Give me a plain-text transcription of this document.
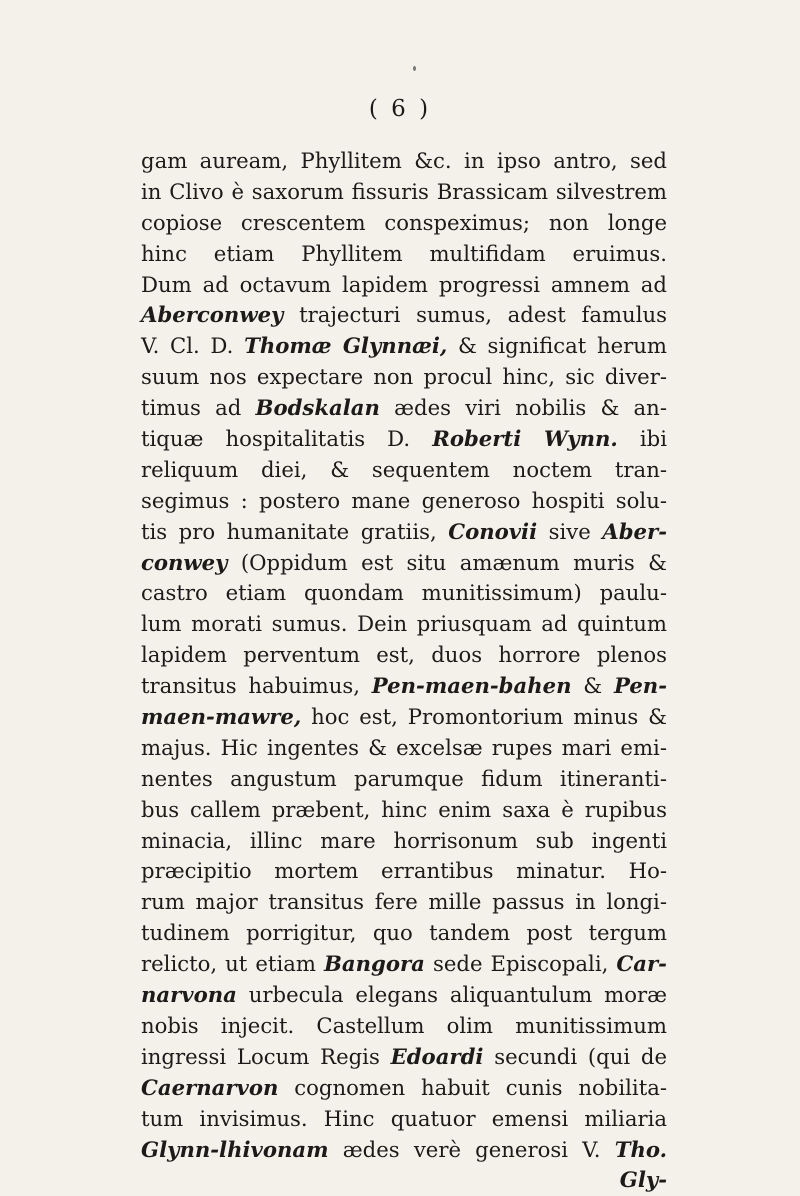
( 6 )
gam auream, Phyllitem &c. in ipso antro, sed
in Clivo è saxorum fissuris Brassicam silvestrem
copiose crescentem conspeximus; non longe
hinc etiam Phyllitem multifidam eruimus.
Dum ad octavum lapidem progressi amnem ad
Aberconwey trajecturi sumus, adest famulus
V. Cl. D. Thomæ Glynnæi, & significat herum
suum nos expectare non procul hinc, sic diver-
timus ad Bodskalan ædes viri nobilis & an-
tiquæ hospitalitatis D. Roberti Wynn. ibi
reliquum diei, & sequentem noctem tran-
segimus : postero mane generoso hospiti solu-
tis pro humanitate gratiis, Conovii sive Aber-
conwey (Oppidum est situ amænum muris &
castro etiam quondam munitissimum) paulu-
lum morati sumus. Dein priusquam ad quintum
lapidem perventum est, duos horrore plenos
transitus habuimus, Pen-maen-bahen & Pen-
maen-mawre, hoc est, Promontorium minus &
majus. Hic ingentes & excelsæ rupes mari emi-
nentes angustum parumque fidum itineranti-
bus callem præbent, hinc enim saxa è rupibus
minacia, illinc mare horrisonum sub ingenti
præcipitio mortem errantibus minatur. Ho-
rum major transitus fere mille passus in longi-
tudinem porrigitur, quo tandem post tergum
relicto, ut etiam Bangora sede Episcopali, Car-
narvona urbecula elegans aliquantulum moræ
nobis injecit. Castellum olim munitissimum
ingressi Locum Regis Edoardi secundi (qui de
Caernarvon cognomen habuit cunis nobilita-
tum invisimus. Hinc quatuor emensi miliaria
Glynn-lhivonam ædes verè generosi V. Tho.
Gly-
